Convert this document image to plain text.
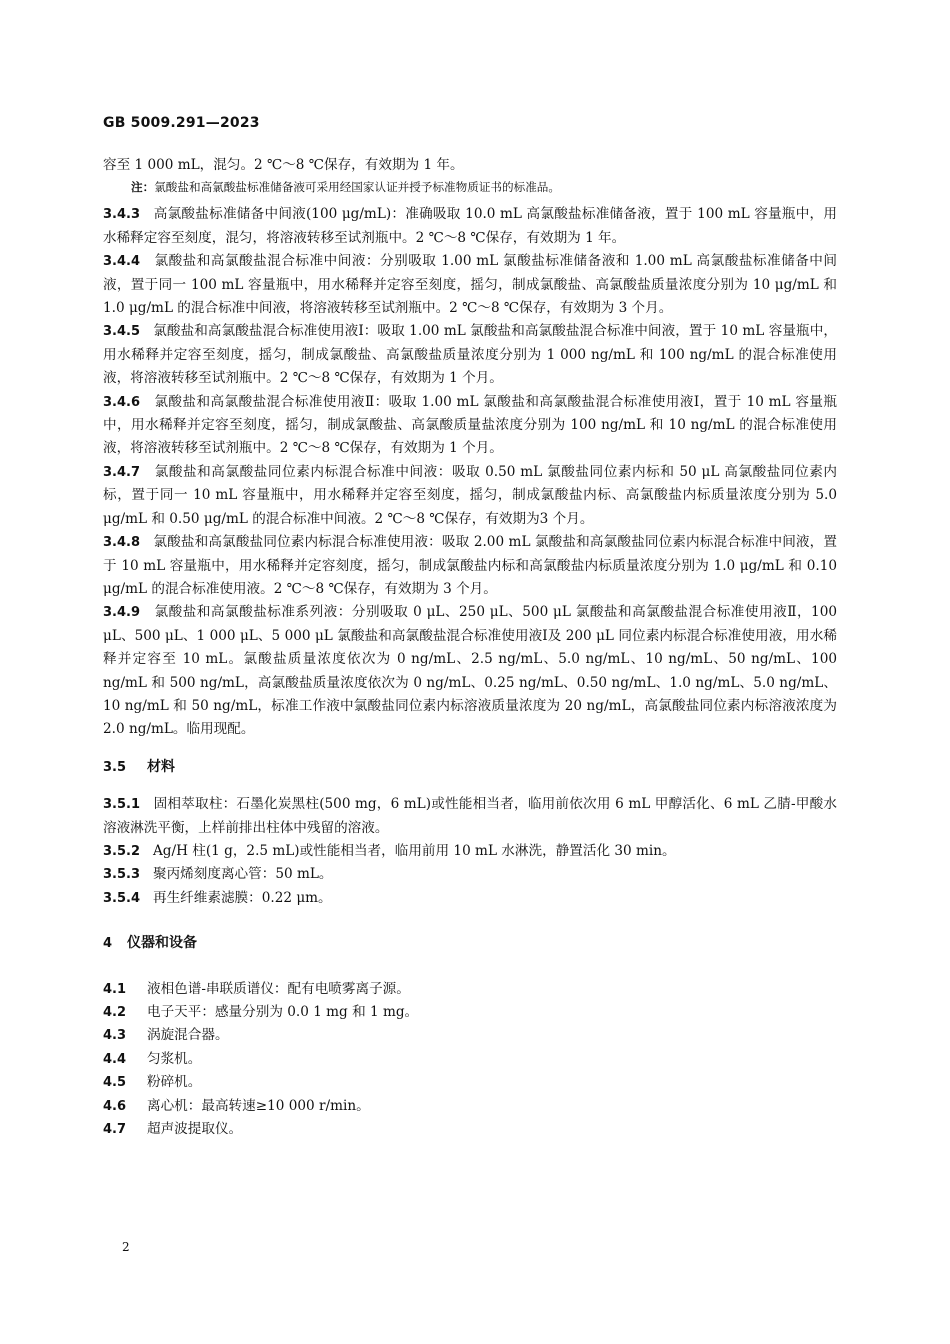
GB 5009.291—2023

容至 1 000 mL，混匀。2 ℃～8 ℃保存，有效期为 1 年。

注：氯酸盐和高氯酸盐标准储备液可采用经国家认证并授予标准物质证书的标准品。

3.4.3 高氯酸盐标准储备中间液(100 μg/mL)：准确吸取 10.0 mL 高氯酸盐标准储备液，置于 100 mL 容量瓶中，用水稀释定容至刻度，混匀，将溶液转移至试剂瓶中。2 ℃～8 ℃保存，有效期为 1 年。

3.4.4 氯酸盐和高氯酸盐混合标准中间液：分别吸取 1.00 mL 氯酸盐标准储备液和 1.00 mL 高氯酸盐标准储备中间液，置于同一 100 mL 容量瓶中，用水稀释并定容至刻度，摇匀，制成氯酸盐、高氯酸盐质量浓度分别为 10 μg/mL 和 1.0 μg/mL 的混合标准中间液，将溶液转移至试剂瓶中。2 ℃～8 ℃保存，有效期为 3 个月。

3.4.5 氯酸盐和高氯酸盐混合标准使用液Ⅰ：吸取 1.00 mL 氯酸盐和高氯酸盐混合标准中间液，置于 10 mL 容量瓶中，用水稀释并定容至刻度，摇匀，制成氯酸盐、高氯酸盐质量浓度分别为 1 000 ng/mL 和 100 ng/mL 的混合标准使用液，将溶液转移至试剂瓶中。2 ℃～8 ℃保存，有效期为 1 个月。

3.4.6 氯酸盐和高氯酸盐混合标准使用液Ⅱ：吸取 1.00 mL 氯酸盐和高氯酸盐混合标准使用液Ⅰ，置于 10 mL 容量瓶中，用水稀释并定容至刻度，摇匀，制成氯酸盐、高氯酸质量盐浓度分别为 100 ng/mL 和 10 ng/mL 的混合标准使用液，将溶液转移至试剂瓶中。2 ℃～8 ℃保存，有效期为 1 个月。

3.4.7 氯酸盐和高氯酸盐同位素内标混合标准中间液：吸取 0.50 mL 氯酸盐同位素内标和 50 μL 高氯酸盐同位素内标，置于同一 10 mL 容量瓶中，用水稀释并定容至刻度，摇匀，制成氯酸盐内标、高氯酸盐内标质量浓度分别为 5.0 μg/mL 和 0.50 μg/mL 的混合标准中间液。2 ℃～8 ℃保存，有效期为3 个月。

3.4.8 氯酸盐和高氯酸盐同位素内标混合标准使用液：吸取 2.00 mL 氯酸盐和高氯酸盐同位素内标混合标准中间液，置于 10 mL 容量瓶中，用水稀释并定容刻度，摇匀，制成氯酸盐内标和高氯酸盐内标质量浓度分别为 1.0 μg/mL 和 0.10 μg/mL 的混合标准使用液。2 ℃～8 ℃保存，有效期为 3 个月。

3.4.9 氯酸盐和高氯酸盐标准系列液：分别吸取 0 μL、250 μL、500 μL 氯酸盐和高氯酸盐混合标准使用液Ⅱ，100 μL、500 μL、1 000 μL、5 000 μL 氯酸盐和高氯酸盐混合标准使用液Ⅰ及 200 μL 同位素内标混合标准使用液，用水稀释并定容至 10 mL。氯酸盐质量浓度依次为 0 ng/mL、2.5 ng/mL、5.0 ng/mL、10 ng/mL、50 ng/mL、100 ng/mL 和 500 ng/mL，高氯酸盐质量浓度依次为 0 ng/mL、0.25 ng/mL、0.50 ng/mL、1.0 ng/mL、5.0 ng/mL、10 ng/mL 和 50 ng/mL，标准工作液中氯酸盐同位素内标溶液质量浓度为 20 ng/mL，高氯酸盐同位素内标溶液浓度为 2.0 ng/mL。临用现配。

3.5 材料

3.5.1 固相萃取柱：石墨化炭黑柱(500 mg，6 mL)或性能相当者，临用前依次用 6 mL 甲醇活化、6 mL 乙腈-甲酸水溶液淋洗平衡，上样前排出柱体中残留的溶液。

3.5.2 Ag/H 柱(1 g，2.5 mL)或性能相当者，临用前用 10 mL 水淋洗，静置活化 30 min。

3.5.3 聚丙烯刻度离心管：50 mL。

3.5.4 再生纤维素滤膜：0.22 μm。

4 仪器和设备

4.1 液相色谱-串联质谱仪：配有电喷雾离子源。

4.2 电子天平：感量分别为 0.0 1 mg 和 1 mg。

4.3 涡旋混合器。

4.4 匀浆机。

4.5 粉碎机。

4.6 离心机：最高转速≥10 000 r/min。

4.7 超声波提取仪。

2
